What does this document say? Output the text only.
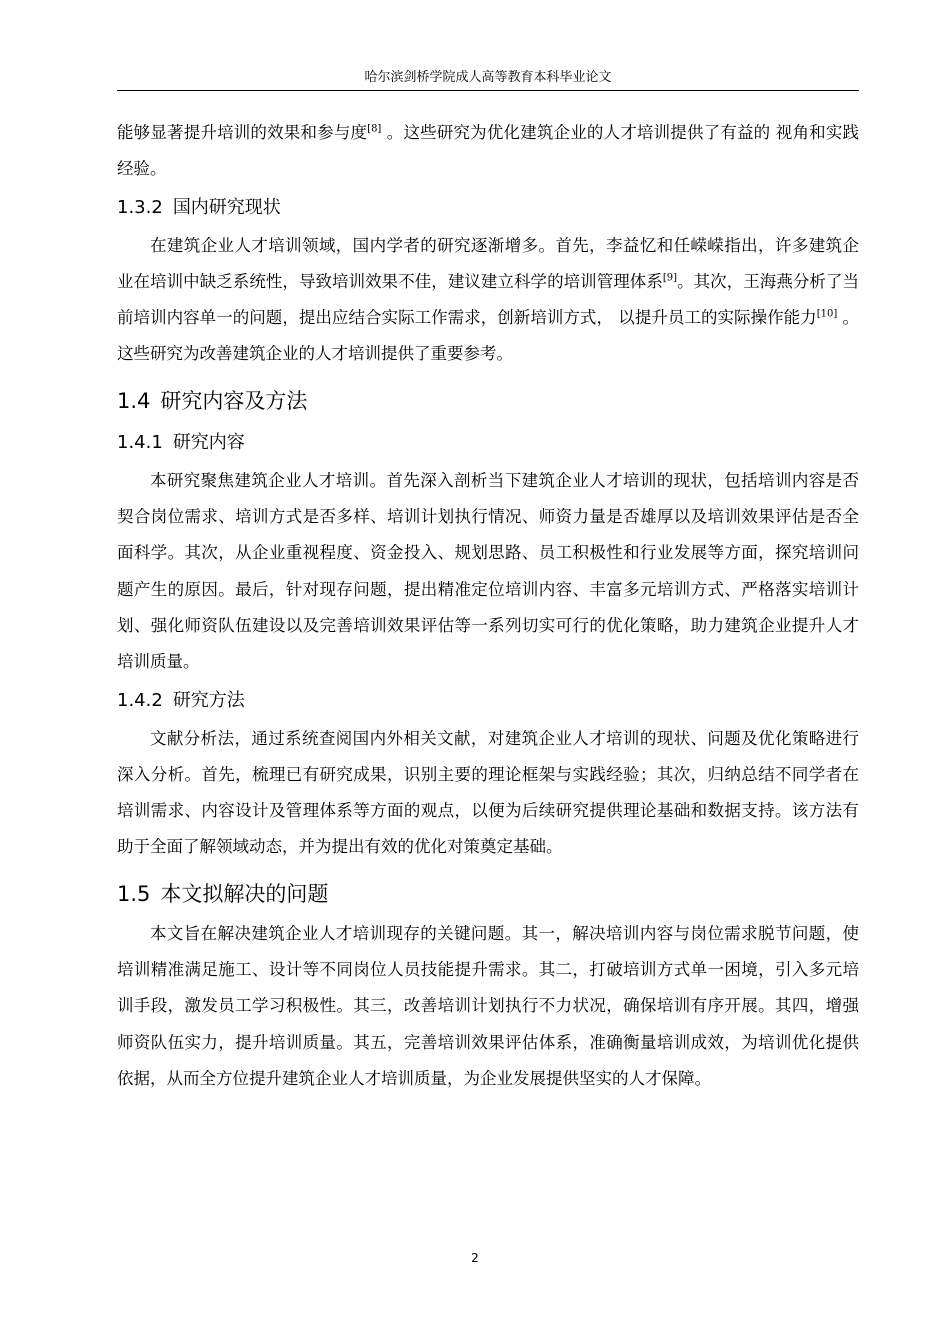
哈尔滨剑桥学院成人高等教育本科毕业论文

能够显著提升培训的效果和参与度[8] 。这些研究为优化建筑企业的人才培训提供了有益的 视角和实践经验。

1.3.2 国内研究现状

在建筑企业人才培训领域，国内学者的研究逐渐增多。首先，李益忆和任嵘嵘指出，许多建筑企业在培训中缺乏系统性，导致培训效果不佳，建议建立科学的培训管理体系[9]。其次，王海燕分析了当前培训内容单一的问题，提出应结合实际工作需求，创新培训方式， 以提升员工的实际操作能力[10] 。这些研究为改善建筑企业的人才培训提供了重要参考。

1.4 研究内容及方法
1.4.1 研究内容

本研究聚焦建筑企业人才培训。首先深入剖析当下建筑企业人才培训的现状，包括培训内容是否契合岗位需求、培训方式是否多样、培训计划执行情况、师资力量是否雄厚以及培训效果评估是否全面科学。其次，从企业重视程度、资金投入、规划思路、员工积极性和行业发展等方面，探究培训问题产生的原因。最后，针对现存问题，提出精准定位培训内容、丰富多元培训方式、严格落实培训计划、强化师资队伍建设以及完善培训效果评估等一系列切实可行的优化策略，助力建筑企业提升人才培训质量。

1.4.2 研究方法

文献分析法，通过系统查阅国内外相关文献，对建筑企业人才培训的现状、问题及优化策略进行深入分析。首先，梳理已有研究成果，识别主要的理论框架与实践经验；其次，归纳总结不同学者在培训需求、内容设计及管理体系等方面的观点，以便为后续研究提供理论基础和数据支持。该方法有助于全面了解领域动态，并为提出有效的优化对策奠定基础。

1.5 本文拟解决的问题

本文旨在解决建筑企业人才培训现存的关键问题。其一，解决培训内容与岗位需求脱节问题，使培训精准满足施工、设计等不同岗位人员技能提升需求。其二，打破培训方式单一困境，引入多元培训手段，激发员工学习积极性。其三，改善培训计划执行不力状况，确保培训有序开展。其四，增强师资队伍实力，提升培训质量。其五，完善培训效果评估体系，准确衡量培训成效，为培训优化提供依据，从而全方位提升建筑企业人才培训质量，为企业发展提供坚实的人才保障。

2
